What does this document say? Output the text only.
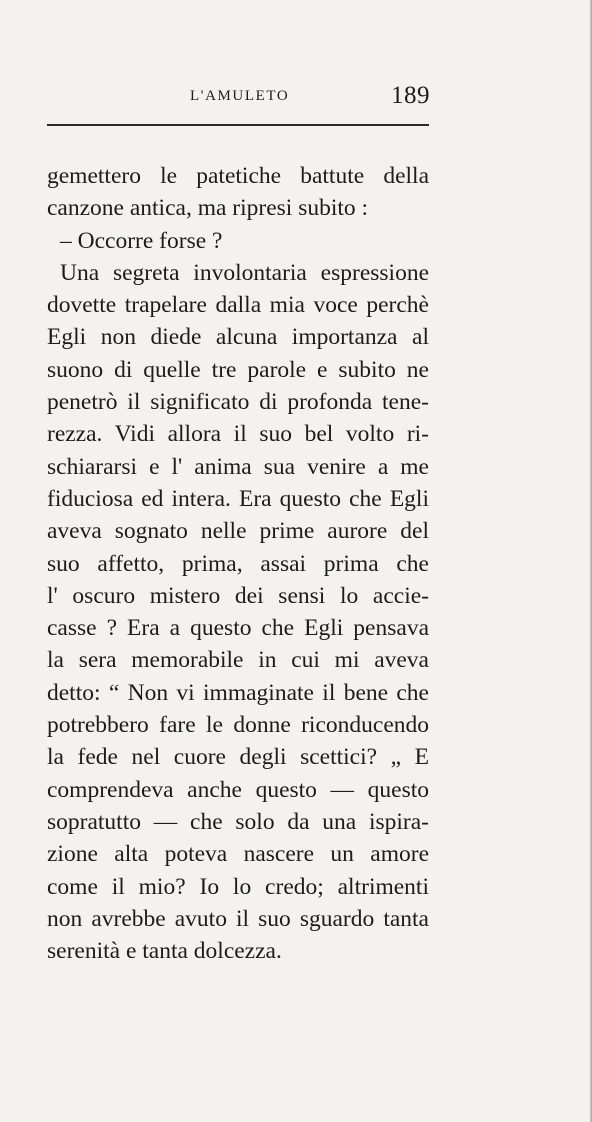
L'AMULETO	189
gemettero le patetiche battute della
canzone antica, ma ripresi subito :
– Occorre forse ?
Una segreta involontaria espressione
dovette trapelare dalla mia voce perchè
Egli non diede alcuna importanza al
suono di quelle tre parole e subito ne
penetrò il significato di profonda tene-
rezza. Vidi allora il suo bel volto ri-
schiararsi e l' anima sua venire a me
fiduciosa ed intera. Era questo che Egli
aveva sognato nelle prime aurore del
suo affetto, prima, assai prima che
l' oscuro mistero dei sensi lo accie-
casse ? Era a questo che Egli pensava
la sera memorabile in cui mi aveva
detto: “ Non vi immaginate il bene che
potrebbero fare le donne riconducendo
la fede nel cuore degli scettici? „ E
comprendeva anche questo — questo
sopratutto — che solo da una ispira-
zione alta poteva nascere un amore
come il mio? Io lo credo; altrimenti
non avrebbe avuto il suo sguardo tanta
serenità e tanta dolcezza.
